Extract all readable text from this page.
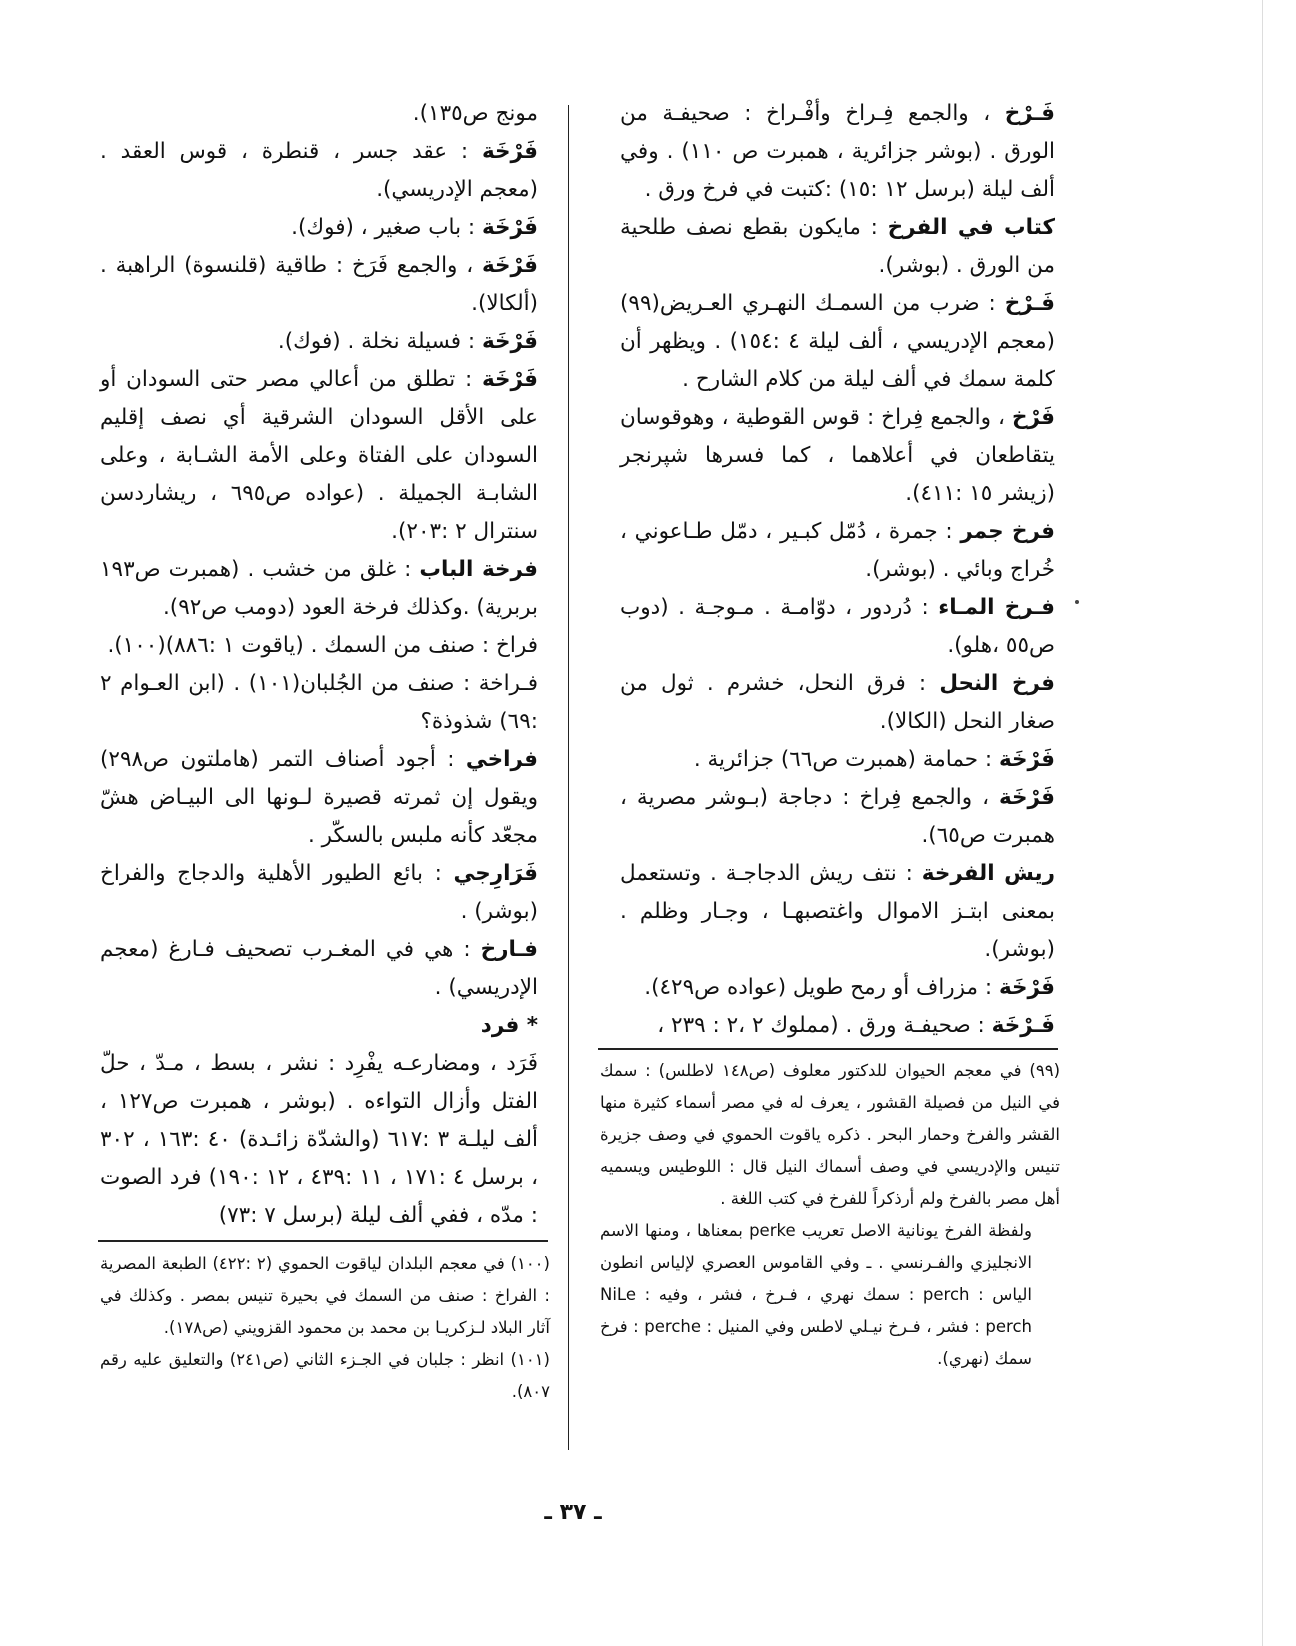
فَـرْخ ، والجمع فِـراخ وأفْـراخ : صحيفـة من الورق . (بوشر جزائرية ، همبرت ص ١١٠) . وفي ألف ليلة (برسل ١٢ :١٥) :كتبت في فرخ ورق .

كتاب في الفرخ : مايكون بقطع نصف طلحية من الورق . (بوشر).

فَـرْخ : ضرب من السمـك النهـري العـريض(٩٩) (معجم الإدريسي ، ألف ليلة ٤ :١٥٤) . ويظهر أن كلمة سمك في ألف ليلة من كلام الشارح .

فَرْخ ، والجمع فِراخ : قوس القوطية ، وهوقوسان يتقاطعان في أعلاهما ، كما فسرها شپرنجر (زيشر ١٥ :٤١١).

فرخ جمر : جمرة ، دُمّل كبـير ، دمّل طـاعوني ، خُراج وبائي . (بوشر).

فـرخ المـاء : دُردور ، دوّامـة . مـوجـة . (دوب ص٥٥ ،هلو).

فرخ النحل : فرق النحل، خشرم . ثول من صغار النحل (الكالا).

فَرْخَة : حمامة (همبرت ص٦٦) جزائرية .

فَرْخَة ، والجمع فِراخ : دجاجة (بـوشر مصرية ، همبرت ص٦٥).

ريش الفرخة : نتف ريش الدجاجـة . وتستعمل بمعنى ابتـز الاموال واغتصبهـا ، وجـار وظلم . (بوشر).

فَرْخَة : مزراف أو رمح طويل (عواده ص٤٢٩).

فَـرْخَة : صحيفـة ورق . (مملوك ٢ ،٢ : ٢٣٩ ،

مونج ص١٣٥).

فَرْخَة : عقد جسر ، قنطرة ، قوس العقد . (معجم الإدريسي).

فَرْخَة : باب صغير ، (فوك).

فَرْخَة ، والجمع فَرَخ : طاقية (قلنسوة) الراهبة . (ألكالا).

فَرْخَة : فسيلة نخلة . (فوك).

فَرْخَة : تطلق من أعالي مصر حتى السودان أو على الأقل السودان الشرقية أي نصف إقليم السودان على الفتاة وعلى الأمة الشـابة ، وعلى الشابـة الجميلة . (عواده ص٦٩٥ ، ريشاردسن سنترال ٢ :٢٠٣).

فرخة الباب : غلق من خشب . (همبرت ص١٩٣ بربرية) .وكذلك فرخة العود (دومب ص٩٢).

فراخ : صنف من السمك . (ياقوت ١ :٨٨٦)(١٠٠).

فـراخة : صنف من الجُلبان(١٠١) . (ابن العـوام ٢ :٦٩) شذوذة؟

فراخي : أجود أصناف التمر (هاملتون ص٢٩٨) ويقول إن ثمرته قصيرة لـونها الى البيـاض هشّ مجعّد كأنه ملبس بالسكّر .

فَرَارِجي : بائع الطيور الأهلية والدجاج والفراخ (بوشر) .

فـارخ : هي في المغـرب تصحيف فـارغ (معجم الإدريسي) .

* فرد

فَرَد ، ومضارعـه يفْرِد : نشر ، بسط ، مـدّ ، حلّ الفتل وأزال التواءه . (بوشر ، همبرت ص١٢٧ ، ألف ليلـة ٣ :٦١٧ (والشدّة زائـدة) ٤٠ :١٦٣ ، ٣٠٢ ، برسل ٤ :١٧١ ، ١١ :٤٣٩ ، ١٢ :١٩٠) فرد الصوت : مدّه ، ففي ألف ليلة (برسل ٧ :٧٣)

(٩٩) في معجم الحيوان للدكتور معلوف (ص١٤٨ لاطلس) : سمك في النيل من فصيلة القشور ، يعرف له في مصر أسماء كثيرة منها القشر والفرخ وحمار البحر . ذكره ياقوت الحموي في وصف جزيرة تنيس والإدريسي في وصف أسماك النيل قال : اللوطيس ويسميه أهل مصر بالفرخ ولم أرذكراً للفرخ في كتب اللغة .

ولفظة الفرخ يونانية الاصل تعريب perke بمعناها ، ومنها الاسم الانجليزي والفـرنسي . ـ وفي القاموس العصري لإلياس انطون الياس : perch : سمك نهري ، فـرخ ، فشر ، وفيه : NiLe perch : فشر ، فـرخ نيـلي لاطس وفي المنيل : perche : فرخ سمك (نهري).

(١٠٠) في معجم البلدان لياقوت الحموي (٢ :٤٢٢) الطبعة المصرية : الفراخ : صنف من السمك في بحيرة تنيس بمصر . وكذلك في آثار البلاد لـزكريـا بن محمد بن محمود القزويني (ص١٧٨).

(١٠١) انظر : جلبان في الجـزء الثاني (ص٢٤١) والتعليق عليه رقم ٨٠٧).

ـ ٣٧ ـ
